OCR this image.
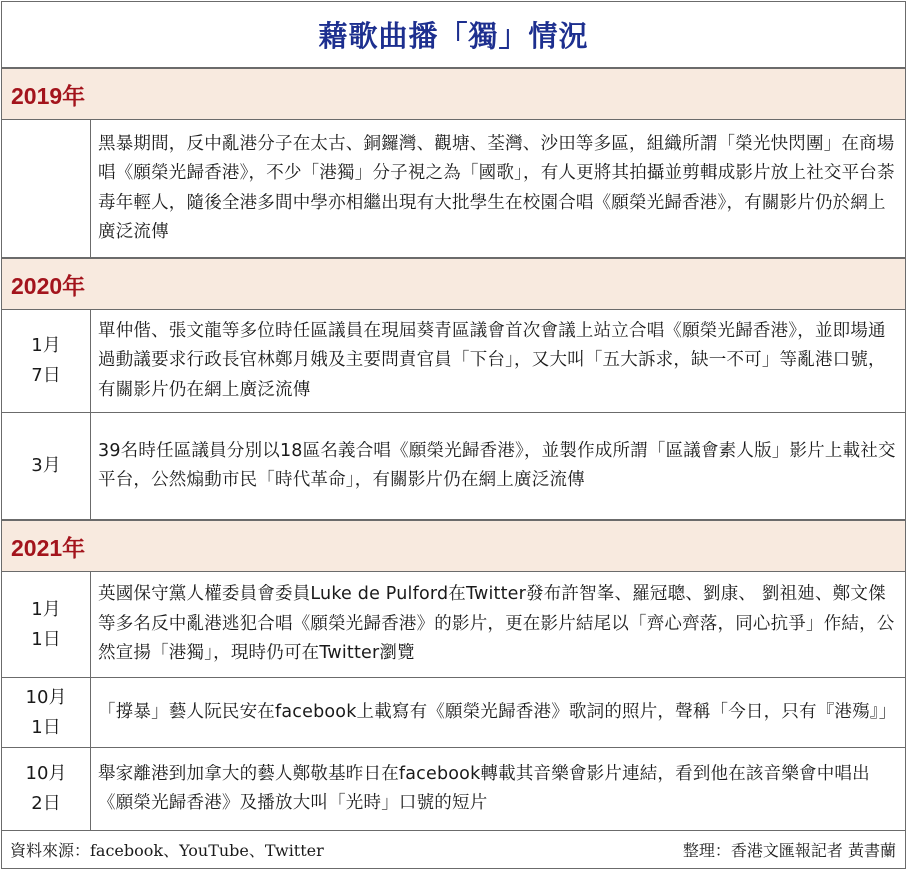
藉歌曲播「獨」情況
2019年
黑暴期間，反中亂港分子在太古、銅鑼灣、觀塘、荃灣、沙田等多區，組織所謂「榮光快閃團」在商場唱《願榮光歸香港》，不少「港獨」分子視之為「國歌」，有人更將其拍攝並剪輯成影片放上社交平台荼毒年輕人，隨後全港多間中學亦相繼出現有大批學生在校園合唱《願榮光歸香港》，有關影片仍於網上廣泛流傳
2020年
1月
7日
單仲偕、張文龍等多位時任區議員在現屆葵青區議會首次會議上站立合唱《願榮光歸香港》，並即場通過動議要求行政長官林鄭月娥及主要問責官員「下台」，又大叫「五大訴求，缺一不可」等亂港口號，有關影片仍在網上廣泛流傳
3月
39名時任區議員分別以18區名義合唱《願榮光歸香港》，並製作成所謂「區議會素人版」影片上載社交平台，公然煽動市民「時代革命」，有關影片仍在網上廣泛流傳
2021年
1月
1日
英國保守黨人權委員會委員Luke de Pulford在Twitter發布許智峯、羅冠聰、劉康、 劉祖廸、鄭文傑等多名反中亂港逃犯合唱《願榮光歸香港》的影片，更在影片結尾以「齊心齊落，同心抗爭」作結，公然宣揚「港獨」，現時仍可在Twitter瀏覽
10月
1日
「撐暴」藝人阮民安在facebook上載寫有《願榮光歸香港》歌詞的照片，聲稱「今日，只有『港殤』」
10月
2日
舉家離港到加拿大的藝人鄭敬基昨日在facebook轉載其音樂會影片連結，看到他在該音樂會中唱出《願榮光歸香港》及播放大叫「光時」口號的短片
資料來源：facebook、YouTube、Twitter	整理：香港文匯報記者 黃書蘭
